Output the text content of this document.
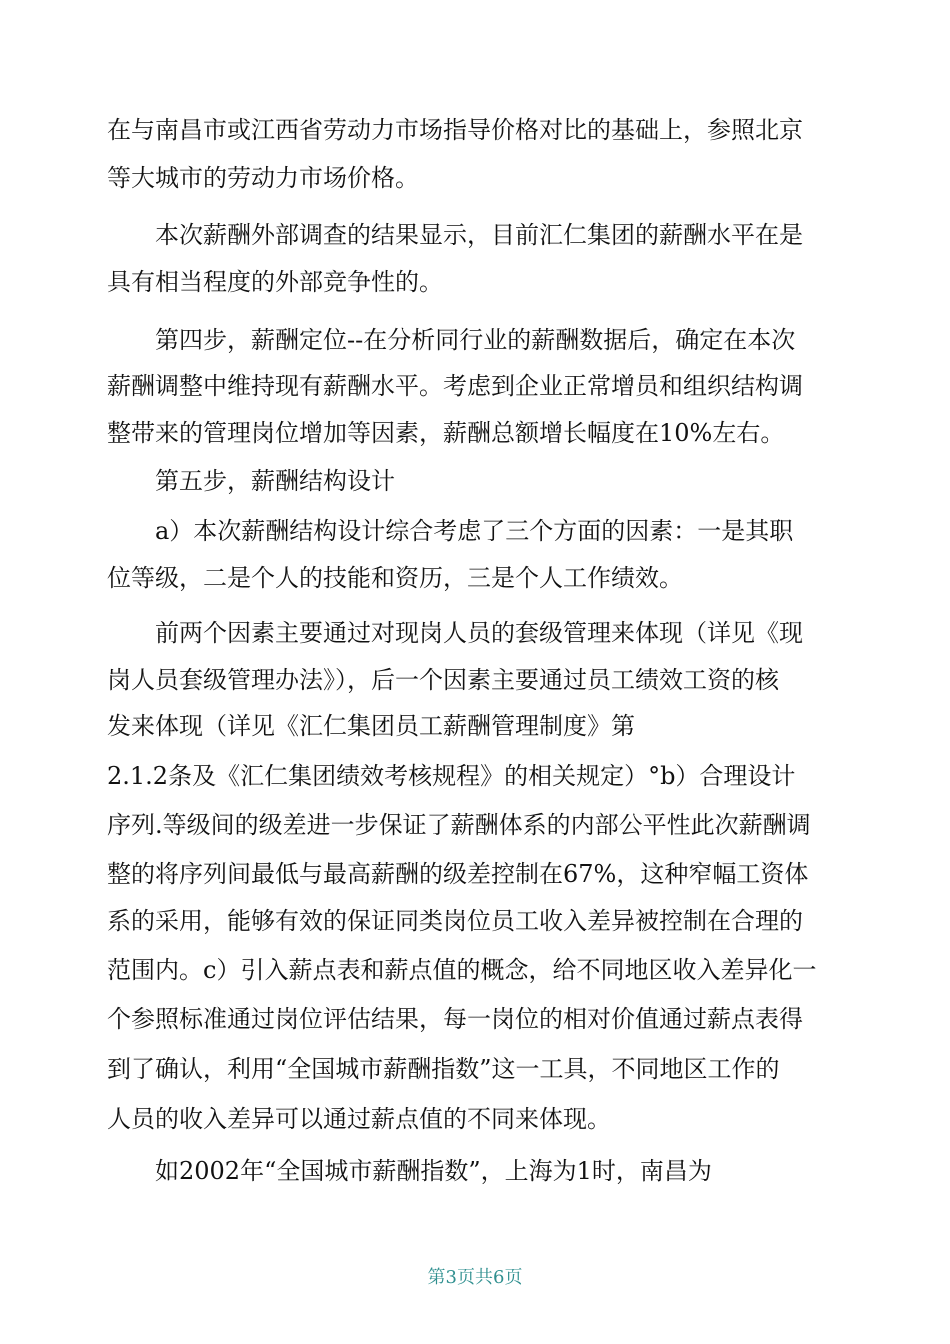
在与南昌市或江西省劳动力市场指导价格对比的基础上，参照北京
等大城市的劳动力市场价格。
本次薪酬外部调查的结果显示，目前汇仁集团的薪酬水平在是
具有相当程度的外部竞争性的。
第四步，薪酬定位--在分析同行业的薪酬数据后，确定在本次
薪酬调整中维持现有薪酬水平。考虑到企业正常增员和组织结构调
整带来的管理岗位增加等因素，薪酬总额增长幅度在10%左右。
第五步，薪酬结构设计
a）本次薪酬结构设计综合考虑了三个方面的因素：一是其职
位等级，二是个人的技能和资历，三是个人工作绩效。
前两个因素主要通过对现岗人员的套级管理来体现（详见《现
岗人员套级管理办法》），后一个因素主要通过员工绩效工资的核
发来体现（详见《汇仁集团员工薪酬管理制度》第
2.1.2条及《汇仁集团绩效考核规程》的相关规定）°b）合理设计
序列.等级间的级差进一步保证了薪酬体系的内部公平性此次薪酬调
整的将序列间最低与最高薪酬的级差控制在67%，这种窄幅工资体
系的采用，能够有效的保证同类岗位员工收入差异被控制在合理的
范围内。c）引入薪点表和薪点值的概念，给不同地区收入差异化一
个参照标准通过岗位评估结果，每一岗位的相对价值通过薪点表得
到了确认，利用“全国城市薪酬指数”这一工具，不同地区工作的
人员的收入差异可以通过薪点值的不同来体现。
如2002年“全国城市薪酬指数”，上海为1时，南昌为
第3页共6页
